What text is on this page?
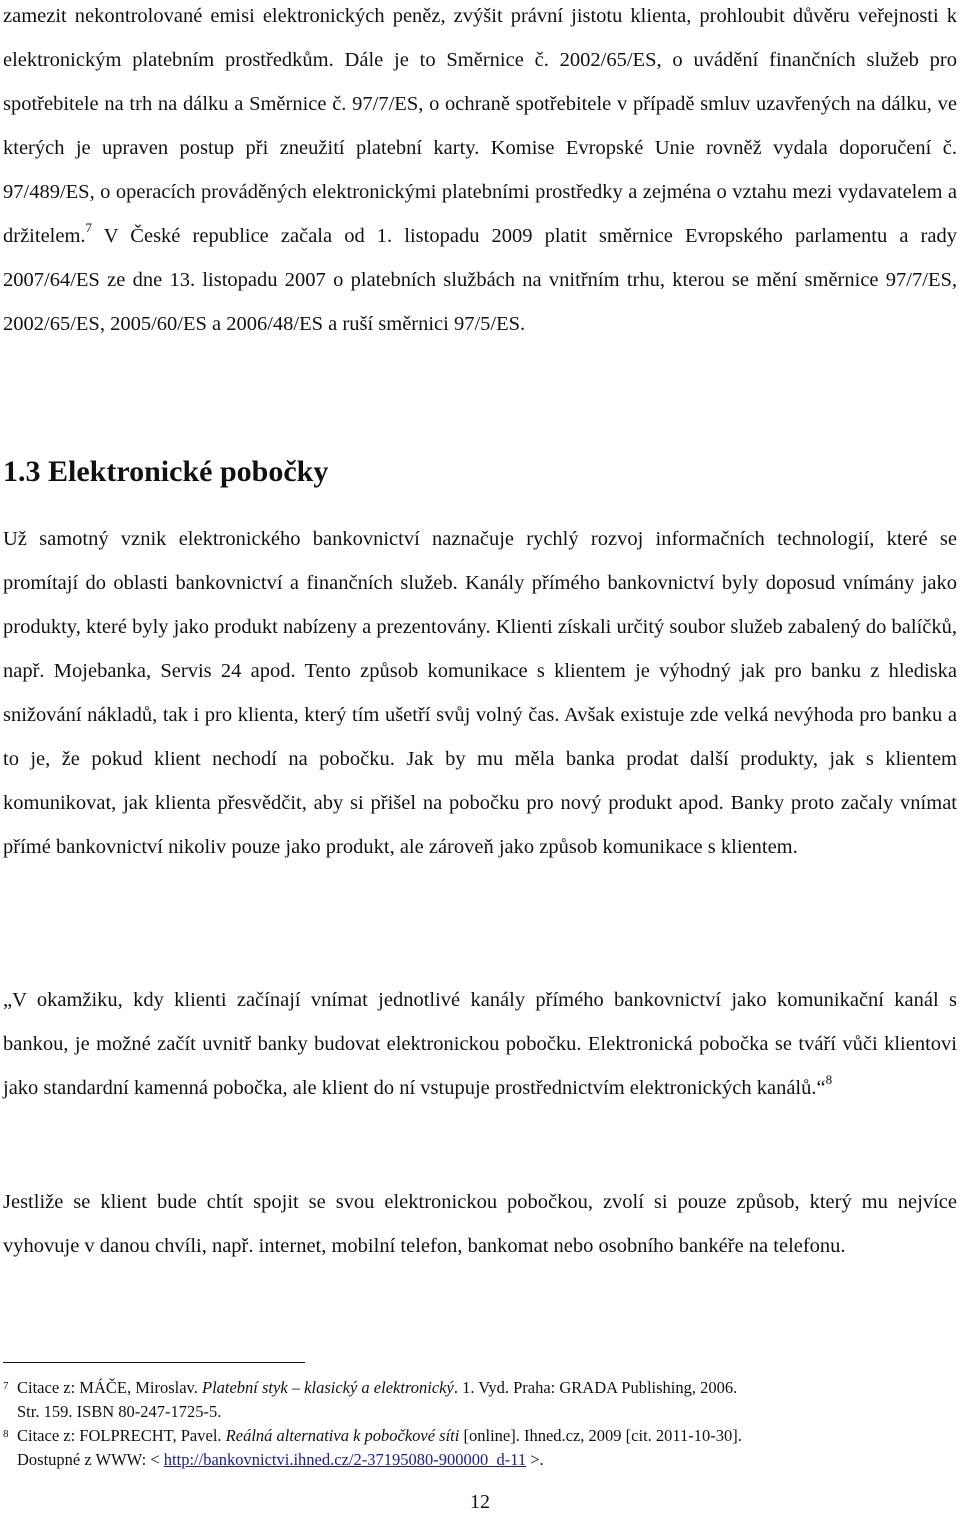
zamezit nekontrolované emisi elektronických peněz, zvýšit právní jistotu klienta, prohloubit důvěru veřejnosti k elektronickým platebním prostředkům. Dále je to Směrnice č. 2002/65/ES, o uvádění finančních služeb pro spotřebitele na trh na dálku a Směrnice č. 97/7/ES, o ochraně spotřebitele v případě smluv uzavřených na dálku, ve kterých je upraven postup při zneužití platební karty. Komise Evropské Unie rovněž vydala doporučení č. 97/489/ES, o operacích prováděných elektronickými platebními prostředky a zejména o vztahu mezi vydavatelem a držitelem.$^7$ V České republice začala od 1. listopadu 2009 platit směrnice Evropského parlamentu a rady 2007/64/ES ze dne 13. listopadu 2007 o platebních službách na vnitřním trhu, kterou se mění směrnice 97/7/ES, 2002/65/ES, 2005/60/ES a 2006/48/ES a ruší směrnici 97/5/ES.

1.3 Elektronické pobočky

Už samotný vznik elektronického bankovnictví naznačuje rychlý rozvoj informačních technologií, které se promítají do oblasti bankovnictví a finančních služeb. Kanály přímého bankovnictví byly doposud vnímány jako produkty, které byly jako produkt nabízeny a prezentovány. Klienti získali určitý soubor služeb zabalený do balíčků, např. Mojebanka, Servis 24 apod. Tento způsob komunikace s klientem je výhodný jak pro banku z hlediska snižování nákladů, tak i pro klienta, který tím ušetří svůj volný čas. Avšak existuje zde velká nevýhoda pro banku a to je, že pokud klient nechodí na pobočku. Jak by mu měla banka prodat další produkty, jak s klientem komunikovat, jak klienta přesvědčit, aby si přišel na pobočku pro nový produkt apod. Banky proto začaly vnímat přímé bankovnictví nikoliv pouze jako produkt, ale zároveň jako způsob komunikace s klientem.

„V okamžiku, kdy klienti začínají vnímat jednotlivé kanály přímého bankovnictví jako komunikační kanál s bankou, je možné začít uvnitř banky budovat elektronickou pobočku. Elektronická pobočka se tváří vůči klientovi jako standardní kamenná pobočka, ale klient do ní vstupuje prostřednictvím elektronických kanálů.“$^8$

Jestliže se klient bude chtít spojit se svou elektronickou pobočkou, zvolí si pouze způsob, který mu nejvíce vyhovuje v danou chvíli, např. internet, mobilní telefon, bankomat nebo osobního bankéře na telefonu.

7 Citace z: MÁČE, Miroslav. Platební styk – klasický a elektronický. 1. Vyd. Praha: GRADA Publishing, 2006.
Str. 159. ISBN 80-247-1725-5.

8 Citace z: FOLPRECHT, Pavel. Reálná alternativa k pobočkové síti [online]. Ihned.cz, 2009 [cit. 2011-10-30].
Dostupné z WWW: < http://bankovnictvi.ihned.cz/2-37195080-900000_d-11 >.

12
